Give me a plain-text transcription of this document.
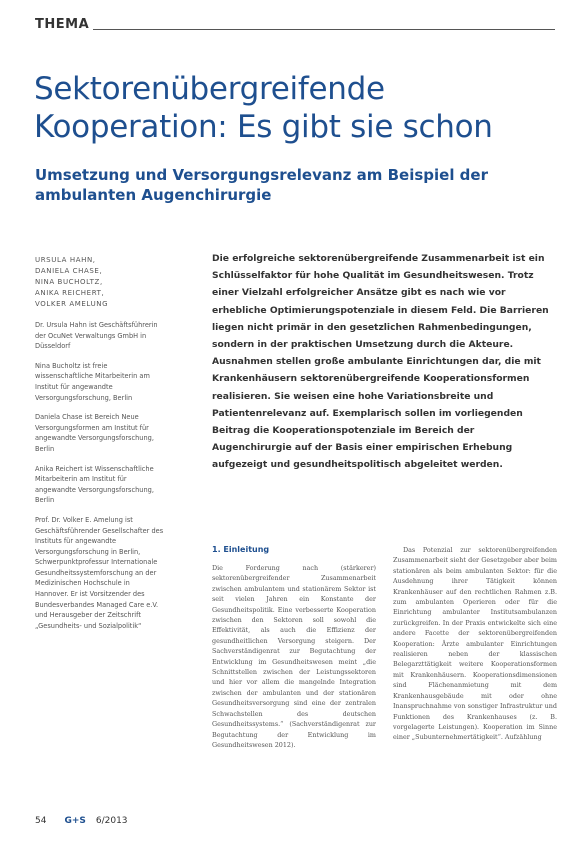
THEMA
Sektorenübergreifende
Kooperation: Es gibt sie schon
Umsetzung und Versorgungsrelevanz am Beispiel der ambulanten Augenchirurgie
URSULA HAHN,
DANIELA CHASE,
NINA BUCHOLTZ,
ANIKA REICHERT,
VOLKER AMELUNG

Dr. Ursula Hahn ist Geschäftsführerin der OcuNet Verwaltungs GmbH in Düsseldorf

Nina Bucholtz ist freie wissenschaftliche Mitarbeiterin am Institut für angewandte Versorgungsforschung, Berlin

Daniela Chase ist Bereich Neue Versorgungsformen am Institut für angewandte Versorgungsforschung, Berlin

Anika Reichert ist Wissenschaftliche Mitarbeiterin am Institut für angewandte Versorgungsforschung, Berlin

Prof. Dr. Volker E. Amelung ist Geschäftsführender Gesellschafter des Instituts für angewandte Versorgungsforschung in Berlin, Schwerpunktprofessur Internationale Gesundheitssystemforschung an der Medizinischen Hochschule in Hannover. Er ist Vorsitzender des Bundesverbandes Managed Care e.V. und Herausgeber der Zeitschrift „Gesundheits- und Sozialpolitik“

Die erfolgreiche sektorenübergreifende Zusammenarbeit ist ein Schlüsselfaktor für hohe Qualität im Gesundheitswesen. Trotz einer Vielzahl erfolgreicher Ansätze gibt es nach wie vor erhebliche Optimierungspotenziale in diesem Feld. Die Barrieren liegen nicht primär in den gesetzlichen Rahmenbedingungen, sondern in der praktischen Umsetzung durch die Akteure. Ausnahmen stellen große ambulante Einrichtungen dar, die mit Krankenhäusern sektorenübergreifende Kooperationsformen realisieren. Sie weisen eine hohe Variationsbreite und Patientenrelevanz auf. Exemplarisch sollen im vorliegenden Beitrag die Kooperationspotenziale im Bereich der Augenchirurgie auf der Basis einer empirischen Erhebung aufgezeigt und gesundheitspolitisch abgeleitet werden.

1. Einleitung

Die Forderung nach (stärkerer) sektorenübergreifender Zusammenarbeit zwischen ambulantem und stationärem Sektor ist seit vielen Jahren ein Konstante der Gesundheitspolitik. Eine verbesserte Kooperation zwischen den Sektoren soll sowohl die Effektivität, als auch die Effizienz der gesundheitlichen Versorgung steigern. Der Sachverständigenrat zur Begutachtung der Entwicklung im Gesundheitswesen meint „die Schnittstellen zwischen der Leistungssektoren und hier vor allem die mangelnde Integration zwischen der ambulanten und der stationären Gesundheitsversorgung sind eine der zentralen Schwachstellen des deutschen Gesundheitssystems.“ (Sachverständigenrat zur Begutachtung der Entwicklung im Gesundheitswesen 2012).

Das Potenzial zur sektorenübergreifenden Zusammenarbeit sieht der Gesetzgeber aber beim stationären als beim ambulanten Sektor: für die Ausdehnung ihrer Tätigkeit können Krankenhäuser auf den rechtlichen Rahmen z.B. zum ambulanten Operieren oder für die Einrichtung ambulanter Institutsambulanzen zurückgreifen. In der Praxis entwickelte sich eine andere Facette der sektorenübergreifenden Kooperation: Ärzte ambulanter Einrichtungen realisieren neben der klassischen Belegarzttätigkeit weitere Kooperationsformen mit Krankenhäusern. Kooperationsdimensionen sind Flächenanmietung mit dem Krankenhausgebäude mit oder ohne Inanspruchnahme von sonstiger Infrastruktur und Funktionen des Krankenhauses (z. B. vorgelagerte Leistungen). Kooperation im Sinne einer „Subunternehmertätigkeit“. Aufzählung

54 G+S 6/2013
